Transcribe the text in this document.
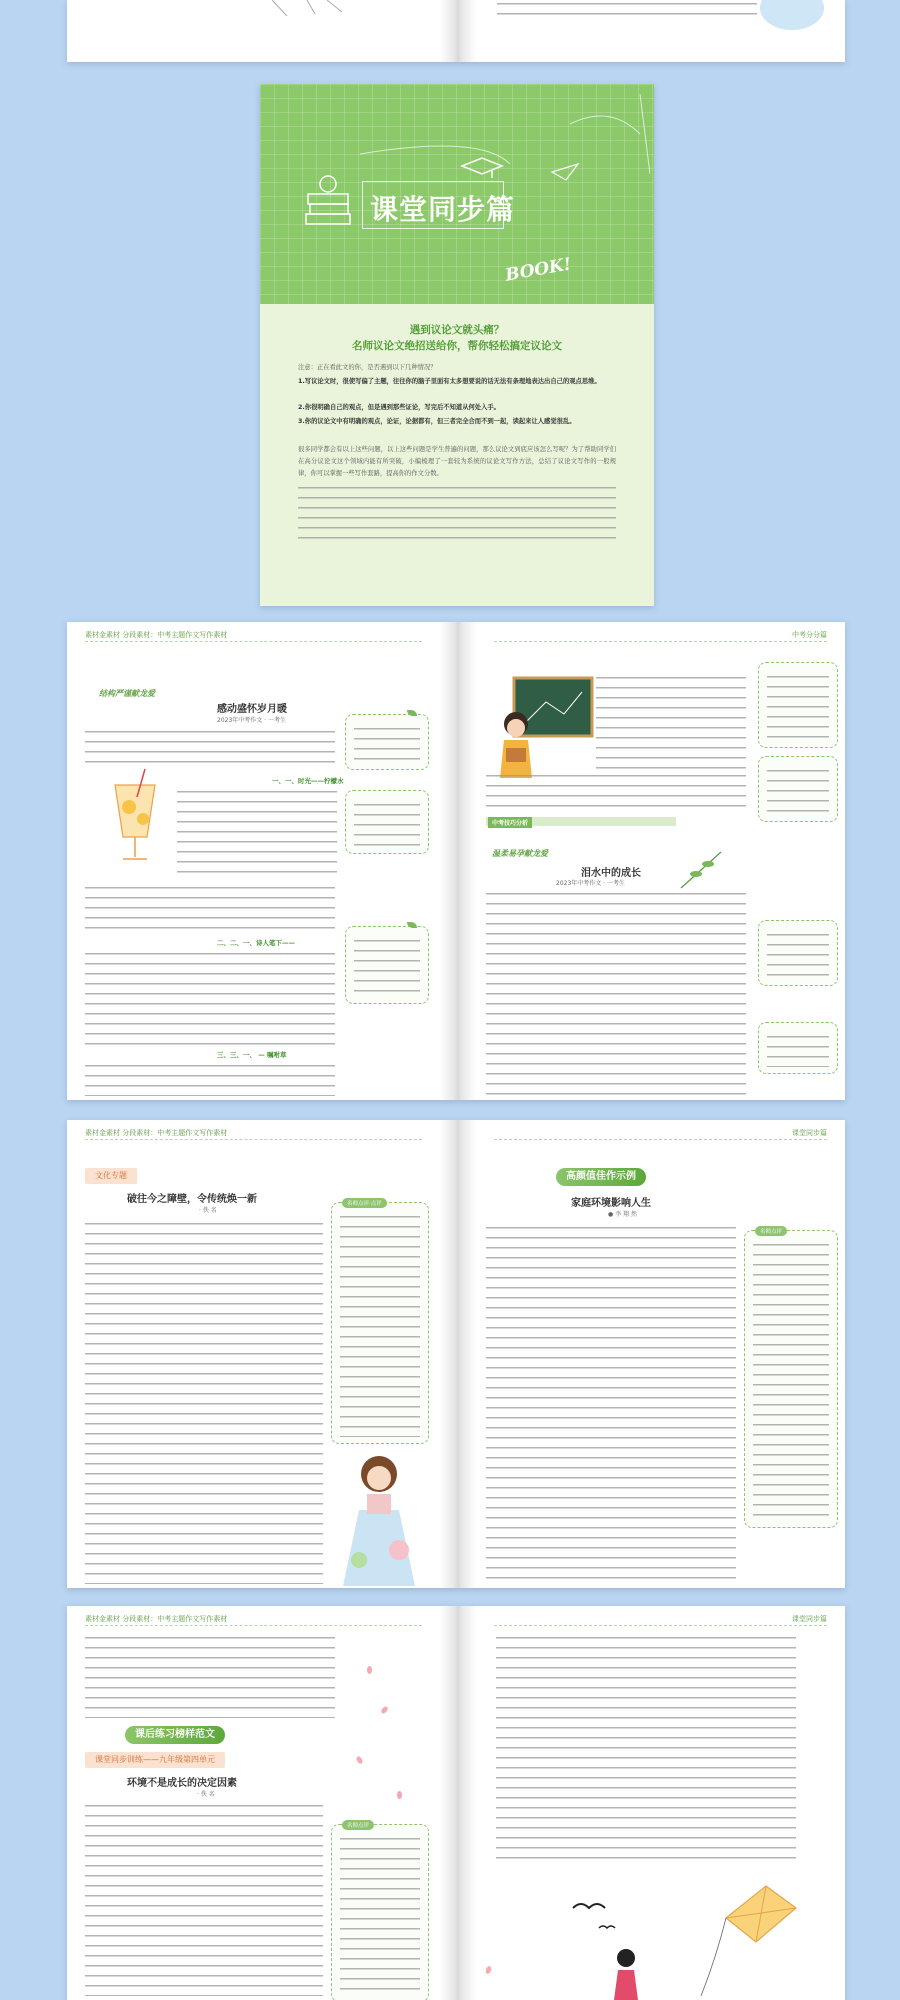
课堂同步篇
BOOK!
遇到议论文就头痛？
名师议论文绝招送给你，帮你轻松搞定议论文
注意：正在看此文的你，是否遇到以下几种情况？
1.写议论文时，很使写偏了主题，往往你的脑子里面有太多想要说的话无法有条理地表达出自己的观点思维。
2.你很明确自己的观点，但是遇到那些证论，写完后不知道从何处入手。
3.你的议论文中有明确的观点，论证，论据都有，但三者完全合而不到一起，读起来让人感觉很乱。
很多同学都会有以上这些问题，以上这些问题是学生普遍的问题，那么议论文到底应该怎么写呢？为了帮助同学们在高分议论文这个领域内能有所突破，小编梳理了一套较为系统的议论文写作方法，总结了议论文写作的一般规律，你可以掌握一些写作套路，提高你的作文分数。
素材金素材 分段素材：中考主题作文写作素材
结构严谨献龙爱
感动盛怀岁月暖
2023年中考作文 · 一考生
一、一、时光——柠檬水
二、二、一、诗人笔下——
三、三、一、 — 嘱咐草
中考分分篇
中考技巧分析
温柔易孕献龙爱
泪水中的成长
2023年中考作文 · 一考生
素材金素材 分段素材：中考主题作文写作素材
文化专题
破往今之障壁，令传统焕一新
· 佚 名
名师点评·点评
课堂同步篇
高颜值佳作示例
家庭环境影响人生
● 李 翔 然
名师点评
素材金素材 分段素材：中考主题作文写作素材
课后练习榜样范文
课堂同步训练——九年级第四单元
环境不是成长的决定因素
· 佚 名
名师点评
课堂同步篇
